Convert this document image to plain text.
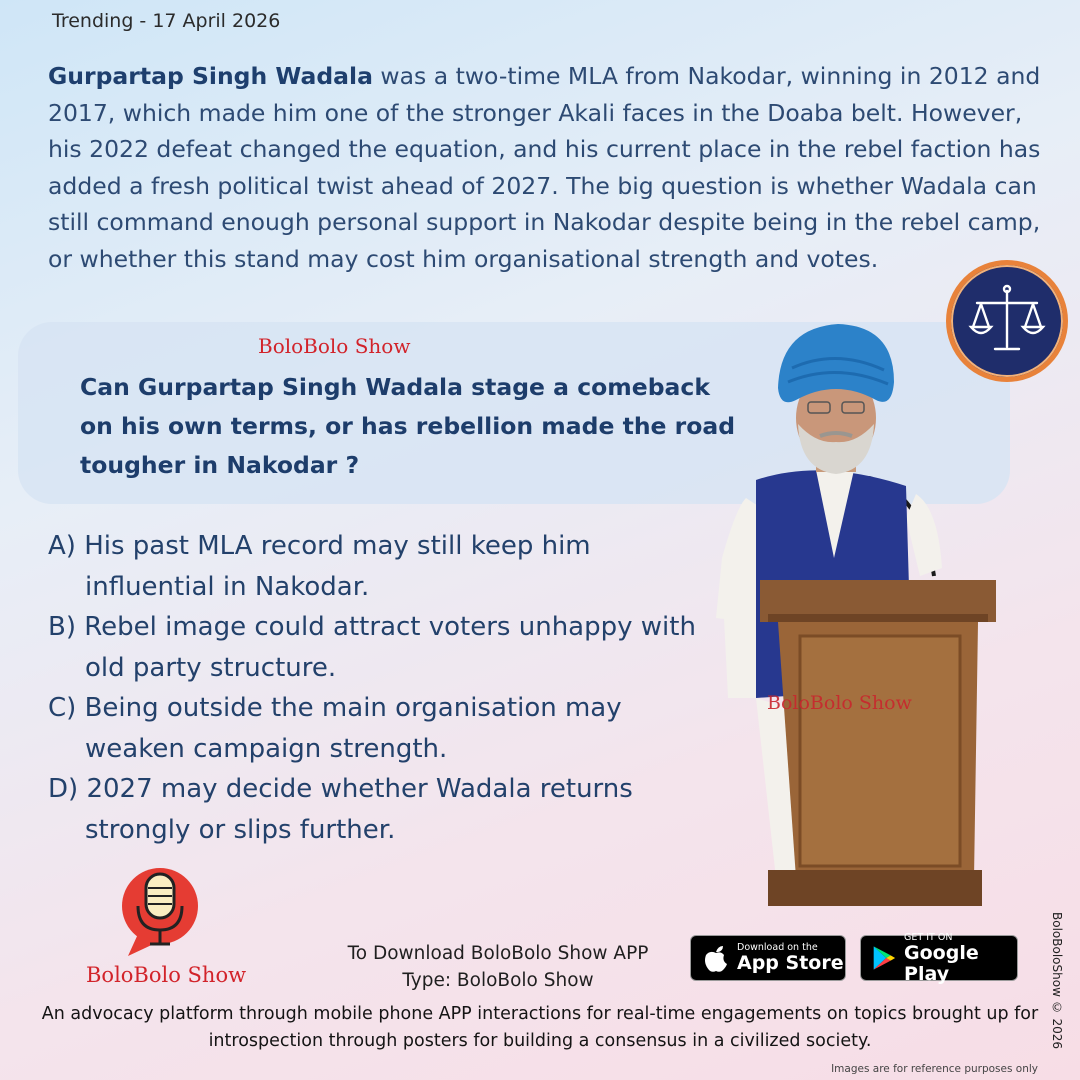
Trending - 17 April 2026

Gurpartap Singh Wadala was a two-time MLA from Nakodar, winning in 2012 and 2017, which made him one of the stronger Akali faces in the Doaba belt. However, his 2022 defeat changed the equation, and his current place in the rebel faction has added a fresh political twist ahead of 2027. The big question is whether Wadala can still command enough personal support in Nakodar despite being in the rebel camp, or whether this stand may cost him organisational strength and votes.

BoloBolo Show
Can Gurpartap Singh Wadala stage a comeback on his own terms, or has rebellion made the road tougher in Nakodar ?
BoloBolo Show
A) His past MLA record may still keep him influential in Nakodar.
B) Rebel image could attract voters unhappy with old party structure.
C) Being outside the main organisation may weaken campaign strength.
D) 2027 may decide whether Wadala returns strongly or slips further.
BoloBolo Show
To Download BoloBolo Show APP
Type: BoloBolo Show
Download on the
App Store
GET IT ON
Google Play
An advocacy platform through mobile phone APP interactions for real-time engagements on topics brought up for introspection through posters for building a consensus in a civilized society.	BoloBoloShow © 2026
Images are for reference purposes only
